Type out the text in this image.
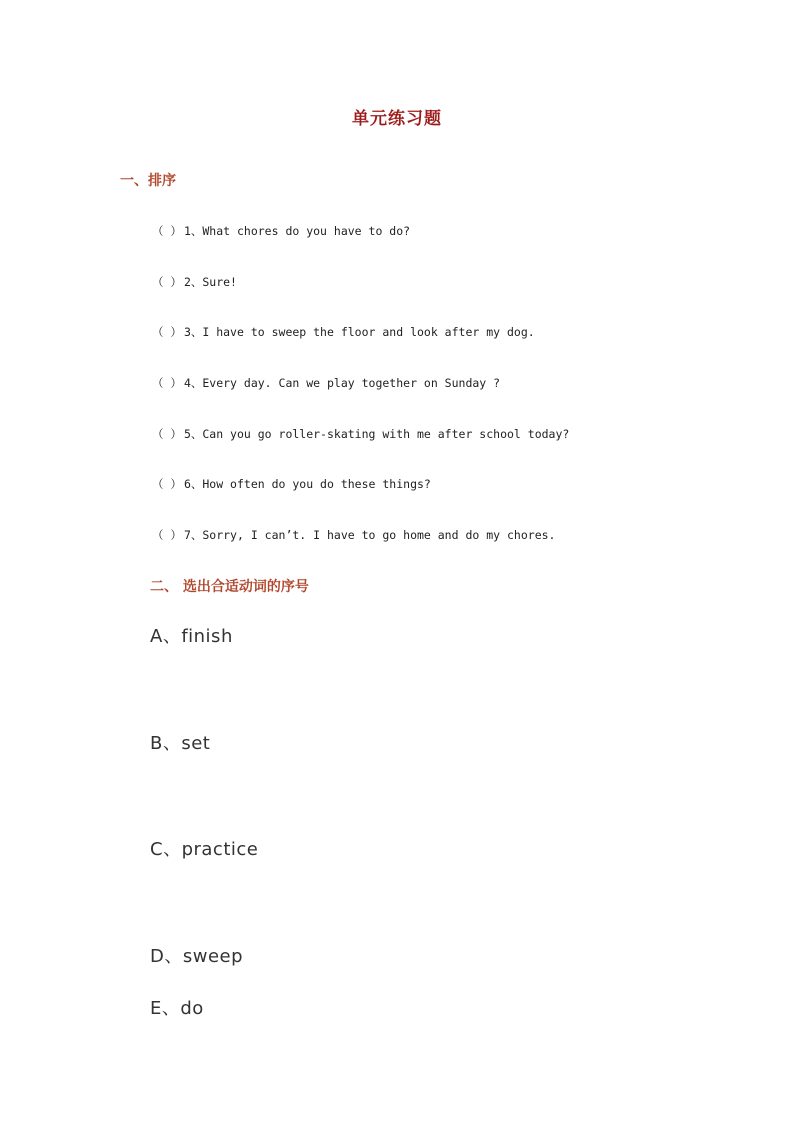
单元练习题
一、排序
（ ） 1、What chores do you have to do?
（ ） 2、Sure!
（ ） 3、I have to sweep the floor and look after my dog.
（ ） 4、Every day. Can we play together on Sunday ?
（ ） 5、Can you go roller-skating with me after school today?
（ ） 6、How often do you do these things?
（ ） 7、Sorry, I can’t. I have to go home and do my chores.
二、 选出合适动词的序号
A、finish
B、set
C、practice
D、sweep
E、do
